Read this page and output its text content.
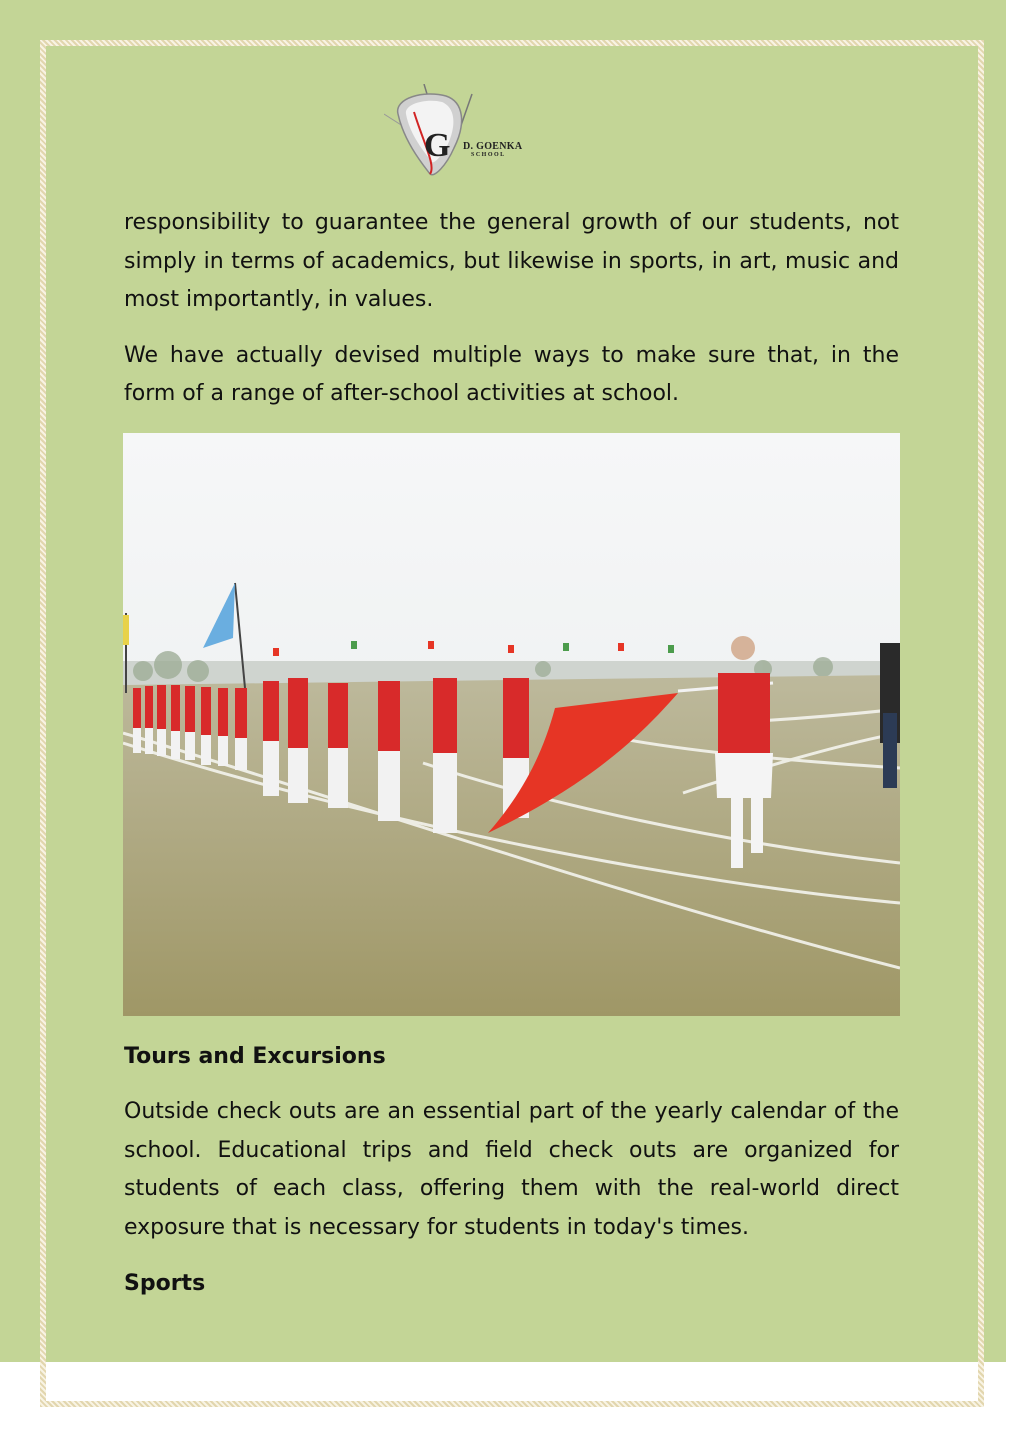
G D. GOENKA
SCHOOL

responsibility to guarantee the general growth of our students, not simply in terms of academics, but likewise in sports, in art, music and most importantly, in values.

We have actually devised multiple ways to make sure that, in the form of a range of after-school activities at school.

Tours and Excursions

Outside check outs are an essential part of the yearly calendar of the school. Educational trips and field check outs are organized for students of each class, offering them with the real-world direct exposure that is necessary for students in today's times.

Sports
